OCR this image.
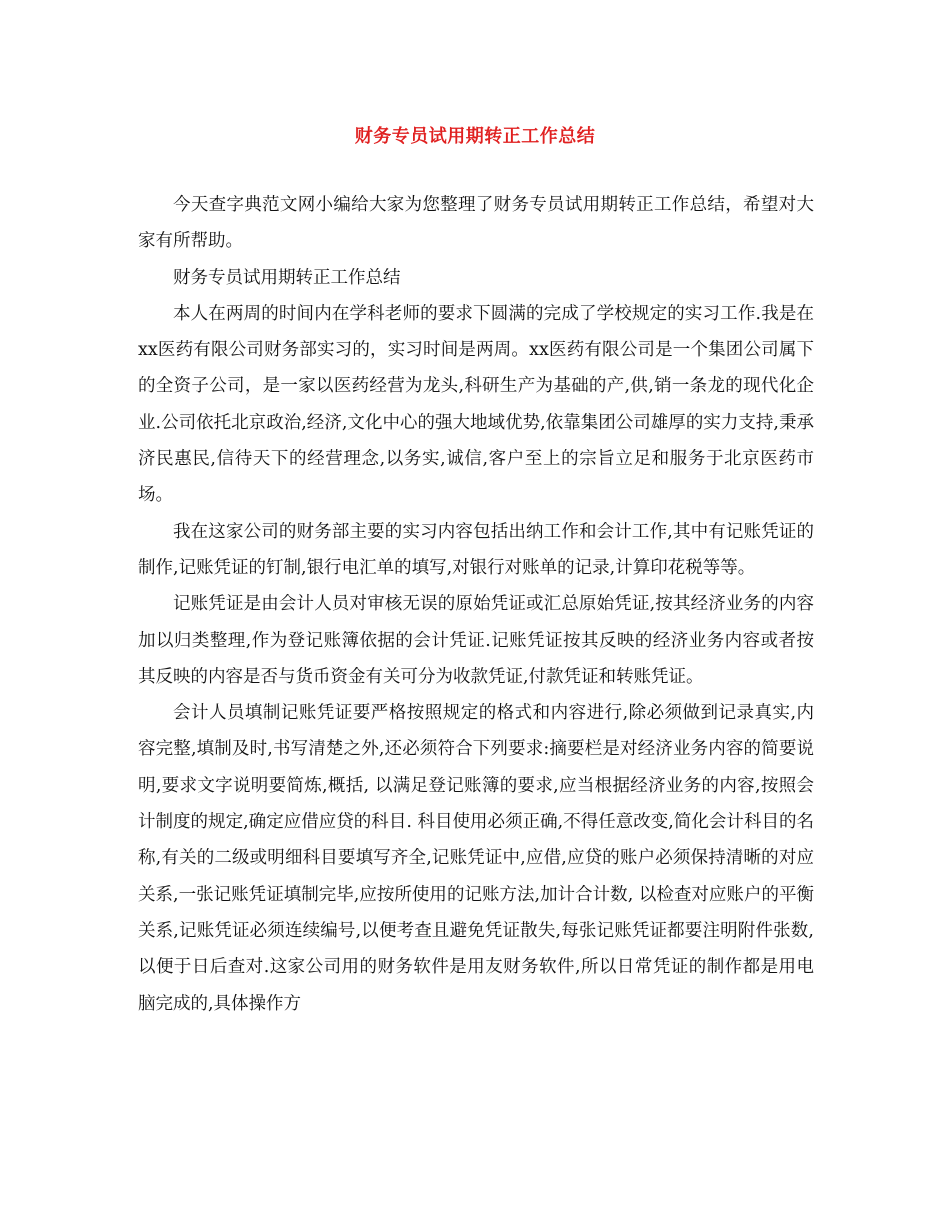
财务专员试用期转正工作总结

今天查字典范文网小编给大家为您整理了财务专员试用期转正工作总结，希望对大家有所帮助。

财务专员试用期转正工作总结

本人在两周的时间内在学科老师的要求下圆满的完成了学校规定的实习工作.我是在xx医药有限公司财务部实习的，实习时间是两周。xx医药有限公司是一个集团公司属下的全资子公司，是一家以医药经营为龙头,科研生产为基础的产,供,销一条龙的现代化企业.公司依托北京政治,经济,文化中心的强大地域优势,依靠集团公司雄厚的实力支持,秉承济民惠民,信待天下的经营理念,以务实,诚信,客户至上的宗旨立足和服务于北京医药市场。

我在这家公司的财务部主要的实习内容包括出纳工作和会计工作,其中有记账凭证的制作,记账凭证的钉制,银行电汇单的填写,对银行对账单的记录,计算印花税等等。

记账凭证是由会计人员对审核无误的原始凭证或汇总原始凭证,按其经济业务的内容加以归类整理,作为登记账簿依据的会计凭证.记账凭证按其反映的经济业务内容或者按其反映的内容是否与货币资金有关可分为收款凭证,付款凭证和转账凭证。

会计人员填制记账凭证要严格按照规定的格式和内容进行,除必须做到记录真实,内容完整,填制及时,书写清楚之外,还必须符合下列要求:摘要栏是对经济业务内容的简要说明,要求文字说明要简炼,概括, 以满足登记账簿的要求,应当根据经济业务的内容,按照会计制度的规定,确定应借应贷的科目. 科目使用必须正确,不得任意改变,简化会计科目的名称,有关的二级或明细科目要填写齐全,记账凭证中,应借,应贷的账户必须保持清晰的对应关系,一张记账凭证填制完毕,应按所使用的记账方法,加计合计数, 以检查对应账户的平衡关系,记账凭证必须连续编号,以便考查且避免凭证散失,每张记账凭证都要注明附件张数,以便于日后查对.这家公司用的财务软件是用友财务软件,所以日常凭证的制作都是用电脑完成的,具体操作方
